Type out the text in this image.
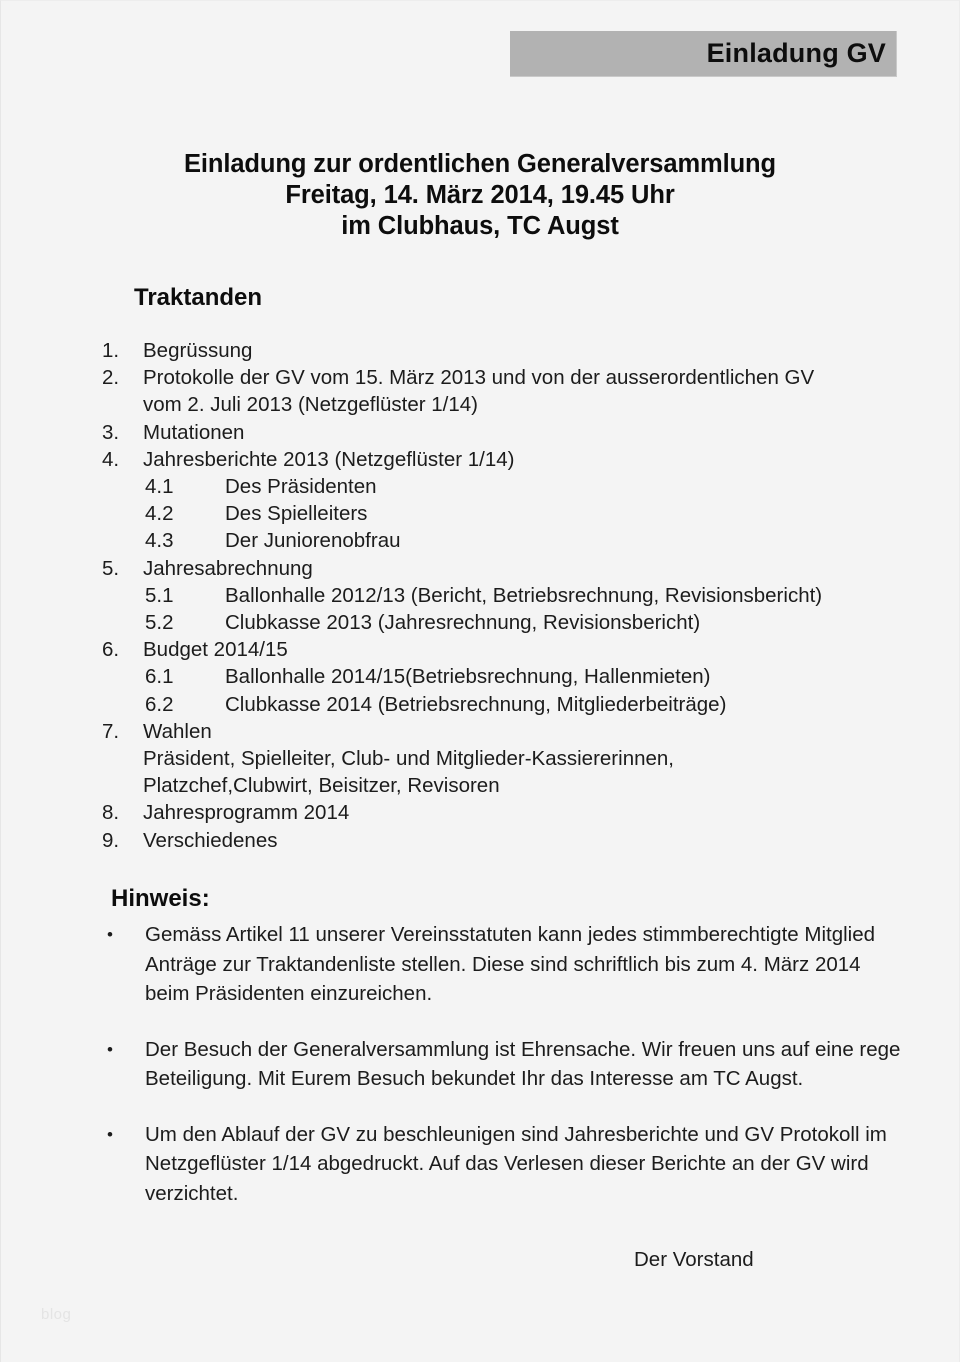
Einladung GV
Einladung zur ordentlichen Generalversammlung
Freitag, 14. März 2014, 19.45 Uhr
im Clubhaus, TC Augst
Traktanden
1.	Begrüssung
2.	Protokolle der GV vom 15. März 2013 und von der ausserordentlichen GV
vom 2. Juli 2013 (Netzgeflüster 1/14)
3.	Mutationen
4.	Jahresberichte 2013 (Netzgeflüster 1/14)
4.1	Des Präsidenten
4.2	Des Spielleiters
4.3	Der Juniorenobfrau
5.	Jahresabrechnung
5.1	Ballonhalle 2012/13 (Bericht, Betriebsrechnung, Revisionsbericht)
5.2	Clubkasse 2013 (Jahresrechnung, Revisionsbericht)
6.	Budget 2014/15
6.1	Ballonhalle 2014/15(Betriebsrechnung, Hallenmieten)
6.2	Clubkasse 2014 (Betriebsrechnung, Mitgliederbeiträge)
7.	Wahlen
Präsident, Spielleiter, Club- und Mitglieder-Kassiererinnen,
Platzchef,Clubwirt, Beisitzer, Revisoren
8.	Jahresprogramm 2014
9.	Verschiedenes
Hinweis:
•	Gemäss Artikel 11 unserer Vereinsstatuten kann jedes stimmberechtigte Mitglied Anträge zur Traktandenliste stellen. Diese sind schriftlich bis zum 4. März 2014 beim Präsidenten einzureichen.
•	Der Besuch der Generalversammlung ist Ehrensache. Wir freuen uns auf eine rege Beteiligung. Mit Eurem Besuch bekundet Ihr das Interesse am TC Augst.
•	Um den Ablauf der GV zu beschleunigen sind Jahresberichte und GV Protokoll im Netzgeflüster 1/14 abgedruckt. Auf das Verlesen dieser Berichte an der GV wird verzichtet.
Der Vorstand
blog
